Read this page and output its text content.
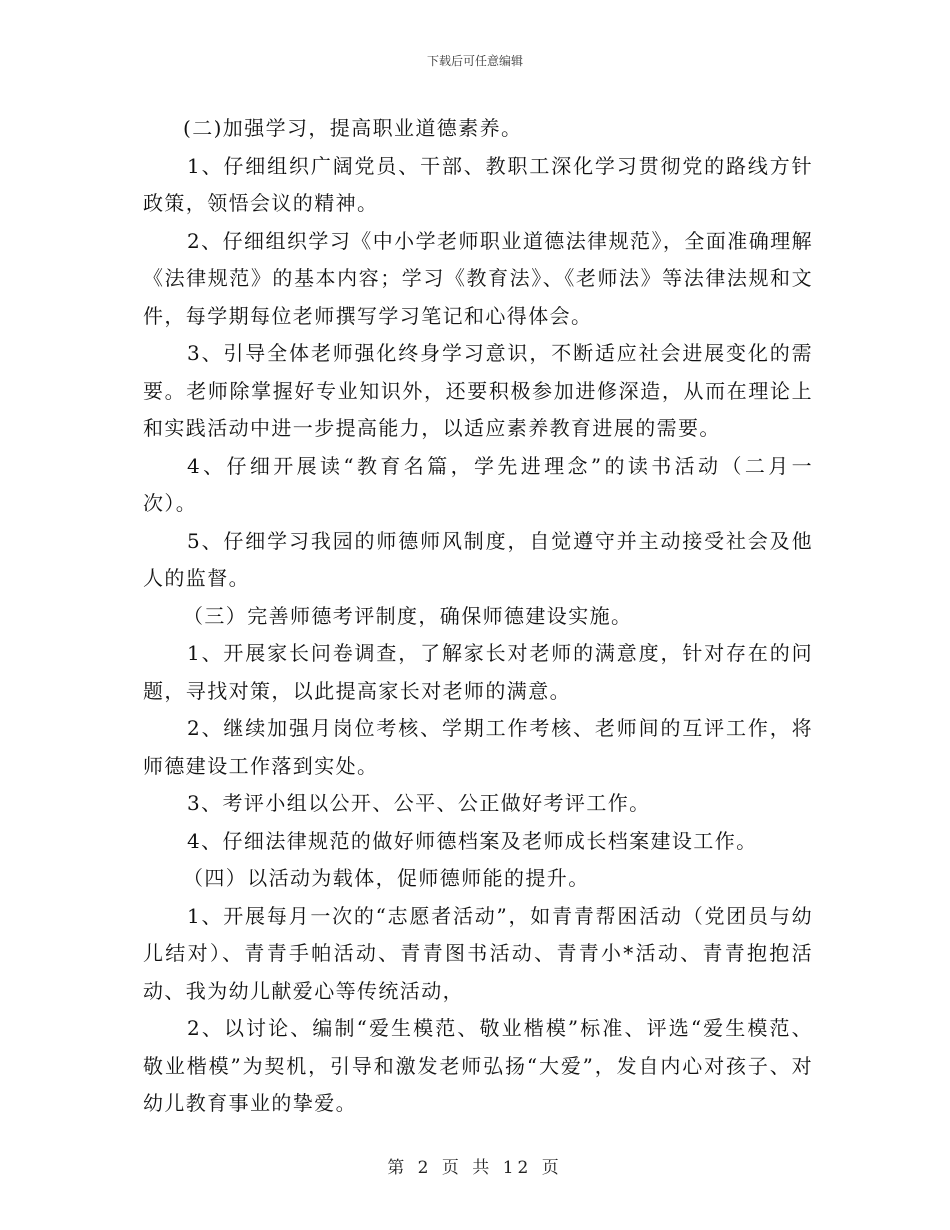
下载后可任意编辑

(二)加强学习，提高职业道德素养。

1、仔细组织广阔党员、干部、教职工深化学习贯彻党的路线方针政策，领悟会议的精神。

2、仔细组织学习《中小学老师职业道德法律规范》，全面准确理解《法律规范》的基本内容；学习《教育法》、《老师法》等法律法规和文件，每学期每位老师撰写学习笔记和心得体会。

3、引导全体老师强化终身学习意识，不断适应社会进展变化的需要。老师除掌握好专业知识外，还要积极参加进修深造，从而在理论上和实践活动中进一步提高能力，以适应素养教育进展的需要。

4、仔细开展读“教育名篇，学先进理念”的读书活动（二月一次）。

5、仔细学习我园的师德师风制度，自觉遵守并主动接受社会及他人的监督。

（三）完善师德考评制度，确保师德建设实施。

1、开展家长问卷调查，了解家长对老师的满意度，针对存在的问题，寻找对策，以此提高家长对老师的满意。

2、继续加强月岗位考核、学期工作考核、老师间的互评工作，将师德建设工作落到实处。

3、考评小组以公开、公平、公正做好考评工作。

4、仔细法律规范的做好师德档案及老师成长档案建设工作。

（四）以活动为载体，促师德师能的提升。

1、开展每月一次的“志愿者活动”，如青青帮困活动（党团员与幼儿结对）、青青手帕活动、青青图书活动、青青小*活动、青青抱抱活动、我为幼儿献爱心等传统活动，

2、以讨论、编制“爱生模范、敬业楷模”标准、评选“爱生模范、敬业楷模”为契机，引导和激发老师弘扬“大爱”，发自内心对孩子、对幼儿教育事业的挚爱。

第 2 页 共 12 页
